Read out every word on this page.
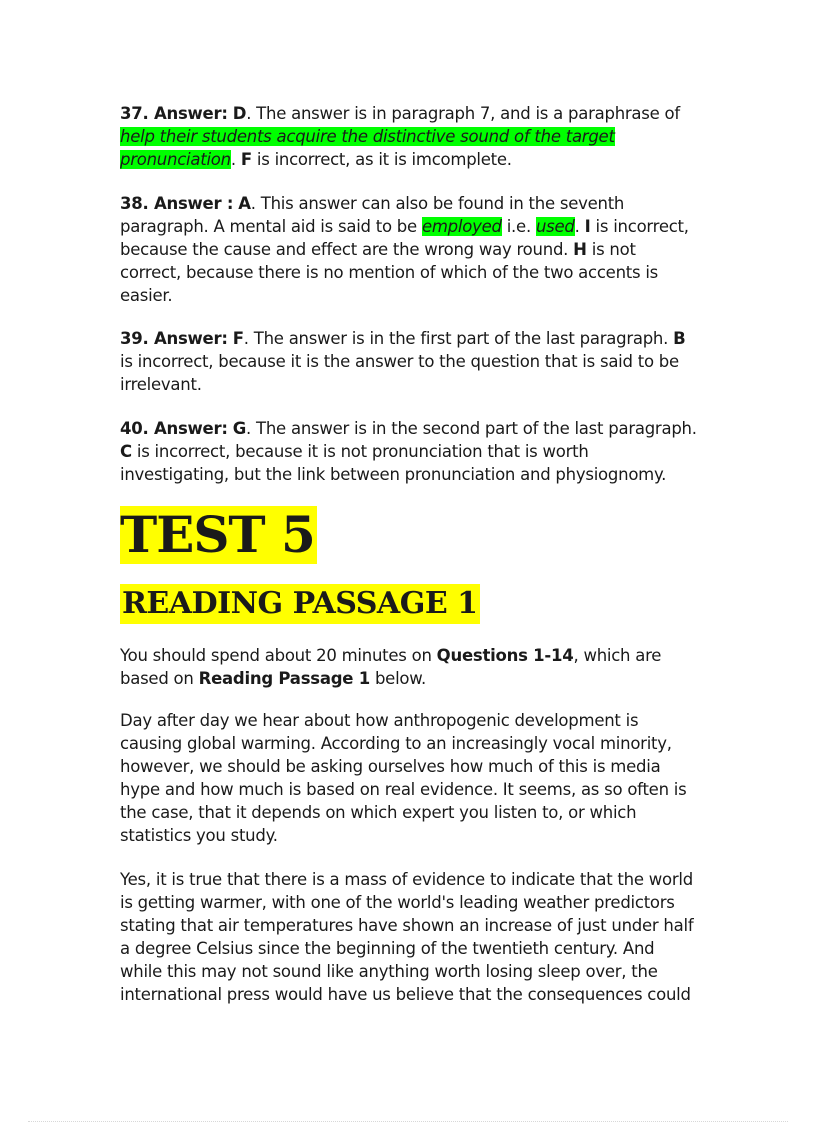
37. Answer: D. The answer is in paragraph 7, and is a paraphrase of help their students acquire the distinctive sound of the target pronunciation. F is incorrect, as it is imcomplete.

38. Answer : A. This answer can also be found in the seventh paragraph. A mental aid is said to be employed i.e. used. I is incorrect, because the cause and effect are the wrong way round. H is not correct, because there is no mention of which of the two accents is easier.

39. Answer: F. The answer is in the first part of the last paragraph. B is incorrect, because it is the answer to the question that is said to be irrelevant.

40. Answer: G. The answer is in the second part of the last paragraph. C is incorrect, because it is not pronunciation that is worth investigating, but the link between pronunciation and physiognomy.

TEST 5
READING PASSAGE 1

You should spend about 20 minutes on Questions 1-14, which are based on Reading Passage 1 below.

Day after day we hear about how anthropogenic development is causing global warming. According to an increasingly vocal minority, however, we should be asking ourselves how much of this is media hype and how much is based on real evidence. It seems, as so often is the case, that it depends on which expert you listen to, or which statistics you study.

Yes, it is true that there is a mass of evidence to indicate that the world is getting warmer, with one of the world's leading weather predictors stating that air temperatures have shown an increase of just under half a degree Celsius since the beginning of the twentieth century. And while this may not sound like anything worth losing sleep over, the international press would have us believe that the consequences could
